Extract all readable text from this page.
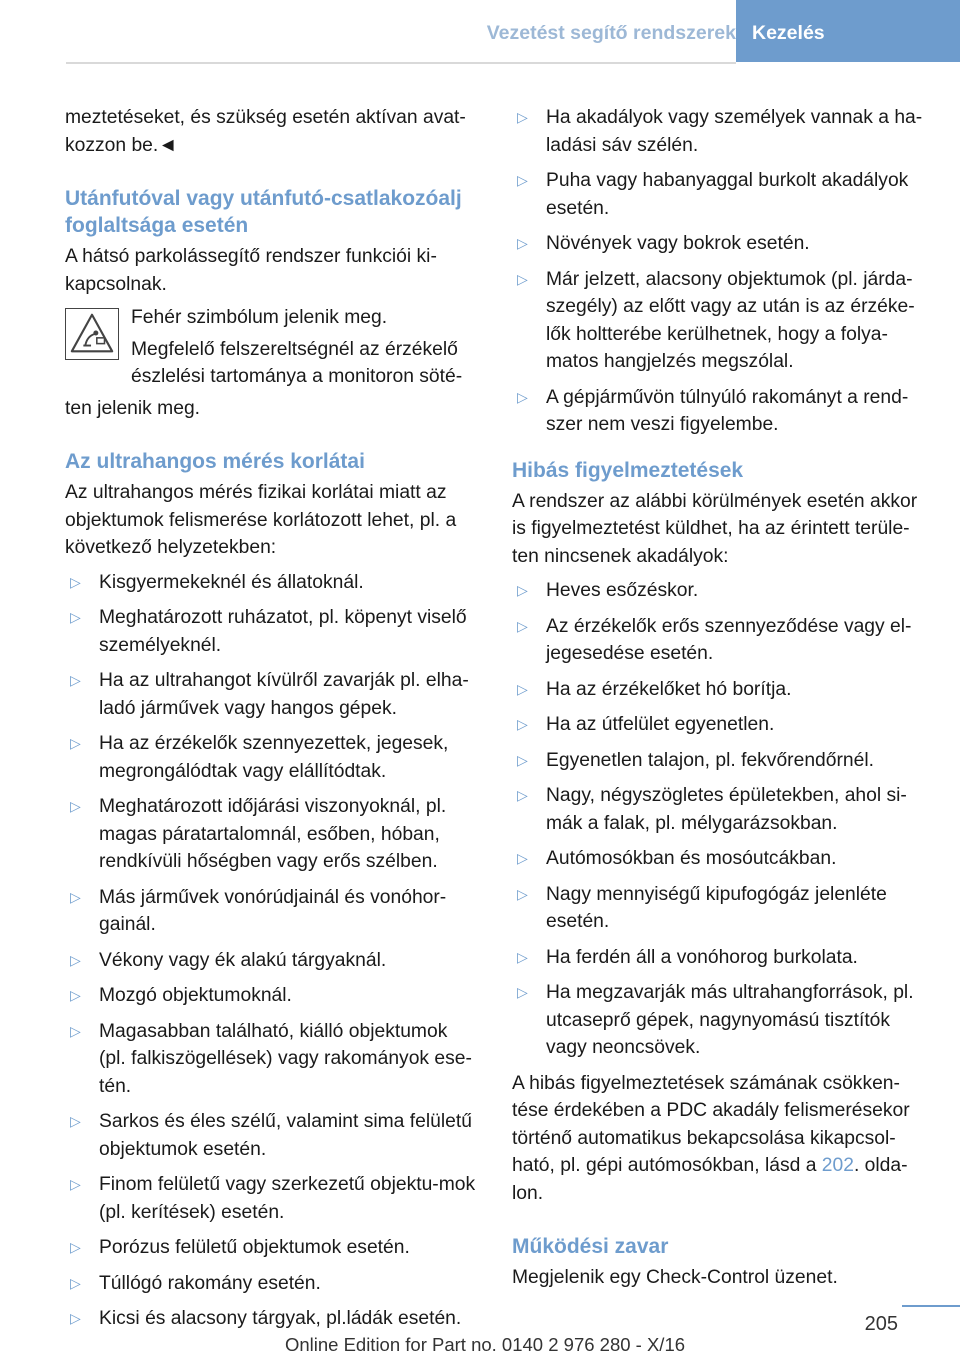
Vezetést segítő rendszerek Kezelés

meztetéseket, és szükség esetén aktívan avat-kozzon be.◄

Utánfutóval vagy utánfutó-csatlakozóalj foglaltsága esetén

A hátsó parkolássegítő rendszer funkciói ki-kapcsolnak.

Fehér szimbólum jelenik meg.

Megfelelő felszereltségnél az érzékelő észlelési tartománya a monitoron söté-

ten jelenik meg.

Az ultrahangos mérés korlátai

Az ultrahangos mérés fizikai korlátai miatt az objektumok felismerése korlátozott lehet, pl. a következő helyzetekben:

▷ Kisgyermekeknél és állatoknál.
▷ Meghatározott ruházatot, pl. köpenyt viselő személyeknél.
▷ Ha az ultrahangot kívülről zavarják pl. elha-ladó járművek vagy hangos gépek.
▷ Ha az érzékelők szennyezettek, jegesek, megrongálódtak vagy elállítódtak.
▷ Meghatározott időjárási viszonyoknál, pl. magas páratartalomnál, esőben, hóban, rendkívüli hőségben vagy erős szélben.
▷ Más járművek vonórúdjainál és vonóhor-gainál.
▷ Vékony vagy ék alakú tárgyaknál.
▷ Mozgó objektumoknál.
▷ Magasabban található, kiálló objektumok (pl. falkiszögellések) vagy rakományok ese-tén.
▷ Sarkos és éles szélű, valamint sima felületű objektumok esetén.
▷ Finom felületű vagy szerkezetű objektu-mok (pl. kerítések) esetén.
▷ Porózus felületű objektumok esetén.
▷ Túllógó rakomány esetén.
▷ Kicsi és alacsony tárgyak, pl.ládák esetén.
▷ Ha akadályok vagy személyek vannak a ha-ladási sáv szélén.
▷ Puha vagy habanyaggal burkolt akadályok esetén.
▷ Növények vagy bokrok esetén.
▷ Már jelzett, alacsony objektumok (pl. járda-szegély) az előtt vagy az után is az érzéke-lők holtterébe kerülhetnek, hogy a folya-matos hangjelzés megszólal.
▷ A gépjárművön túlnyúló rakományt a rend-szer nem veszi figyelembe.
Hibás figyelmeztetések

A rendszer az alábbi körülmények esetén akkor is figyelmeztetést küldhet, ha az érintett terüle-ten nincsenek akadályok:

▷ Heves esőzéskor.
▷ Az érzékelők erős szennyeződése vagy el-jegesedése esetén.
▷ Ha az érzékelőket hó borítja.
▷ Ha az útfelület egyenetlen.
▷ Egyenetlen talajon, pl. fekvőrendőrnél.
▷ Nagy, négyszögletes épületekben, ahol si-mák a falak, pl. mélygarázsokban.
▷ Autómosókban és mosóutcákban.
▷ Nagy mennyiségű kipufogógáz jelenléte esetén.
▷ Ha ferdén áll a vonóhorog burkolata.
▷ Ha megzavarják más ultrahangforrások, pl. utcaseprő gépek, nagynyomású tisztítók vagy neoncsövek.

A hibás figyelmeztetések számának csökken-tése érdekében a PDC akadály felismerésekor történő automatikus bekapcsolása kikapcsol-ható, pl. gépi autómosókban, lásd a 202. olda-lon.

Működési zavar

Megjelenik egy Check-Control üzenet.

205
Online Edition for Part no. 0140 2 976 280 - X/16
